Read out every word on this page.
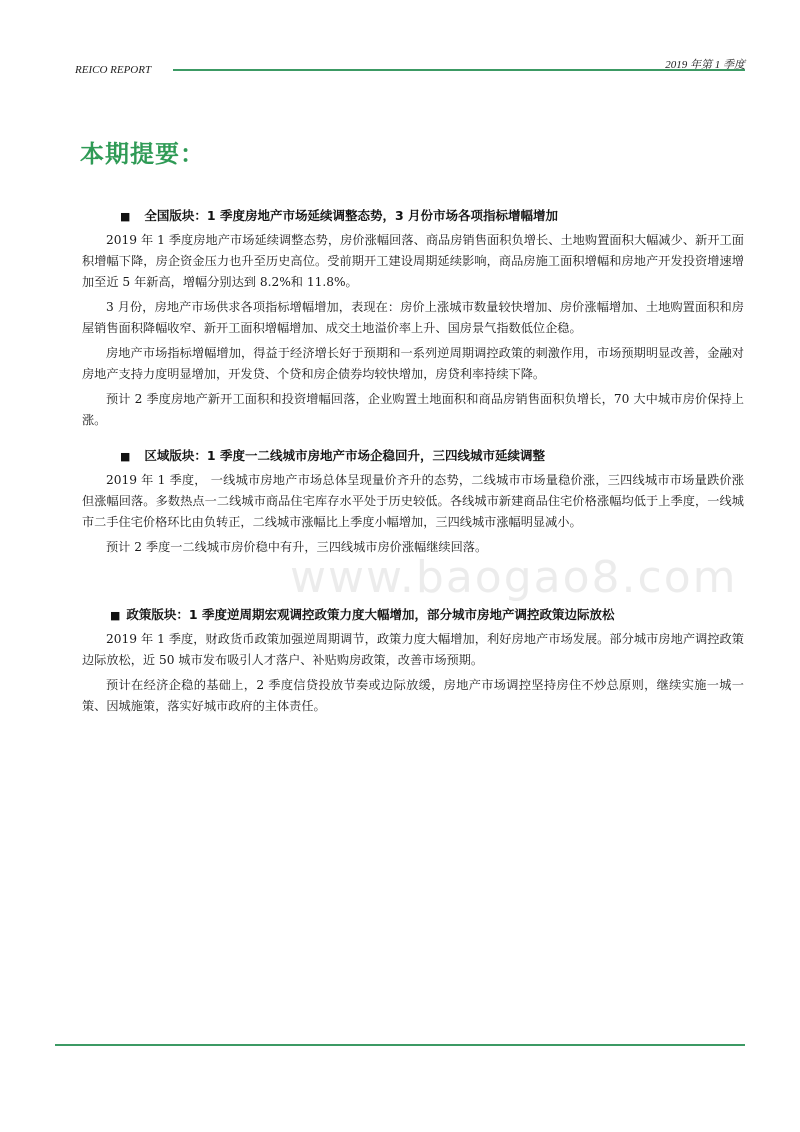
REICO REPORT	2019 年第 1 季度
本期提要：
■ 全国版块：1 季度房地产市场延续调整态势，3 月份市场各项指标增幅增加

2019 年 1 季度房地产市场延续调整态势，房价涨幅回落、商品房销售面积负增长、土地购置面积大幅减少、新开工面积增幅下降，房企资金压力也升至历史高位。受前期开工建设周期延续影响，商品房施工面积增幅和房地产开发投资增速增加至近 5 年新高，增幅分别达到 8.2%和 11.8%。

3 月份，房地产市场供求各项指标增幅增加，表现在：房价上涨城市数量较快增加、房价涨幅增加、土地购置面积和房屋销售面积降幅收窄、新开工面积增幅增加、成交土地溢价率上升、国房景气指数低位企稳。

房地产市场指标增幅增加，得益于经济增长好于预期和一系列逆周期调控政策的刺激作用，市场预期明显改善，金融对房地产支持力度明显增加，开发贷、个贷和房企债券均较快增加，房贷利率持续下降。

预计 2 季度房地产新开工面积和投资增幅回落，企业购置土地面积和商品房销售面积负增长，70 大中城市房价保持上涨。

■ 区域版块：1 季度一二线城市房地产市场企稳回升，三四线城市延续调整

2019 年 1 季度， 一线城市房地产市场总体呈现量价齐升的态势，二线城市市场量稳价涨，三四线城市市场量跌价涨但涨幅回落。多数热点一二线城市商品住宅库存水平处于历史较低。各线城市新建商品住宅价格涨幅均低于上季度，一线城市二手住宅价格环比由负转正，二线城市涨幅比上季度小幅增加，三四线城市涨幅明显减小。

预计 2 季度一二线城市房价稳中有升，三四线城市房价涨幅继续回落。

■ 政策版块：1 季度逆周期宏观调控政策力度大幅增加，部分城市房地产调控政策边际放松

2019 年 1 季度，财政货币政策加强逆周期调节，政策力度大幅增加，利好房地产市场发展。部分城市房地产调控政策边际放松，近 50 城市发布吸引人才落户、补贴购房政策，改善市场预期。

预计在经济企稳的基础上，2 季度信贷投放节奏或边际放缓，房地产市场调控坚持房住不炒总原则，继续实施一城一策、因城施策，落实好城市政府的主体责任。

www.baogao8.com
